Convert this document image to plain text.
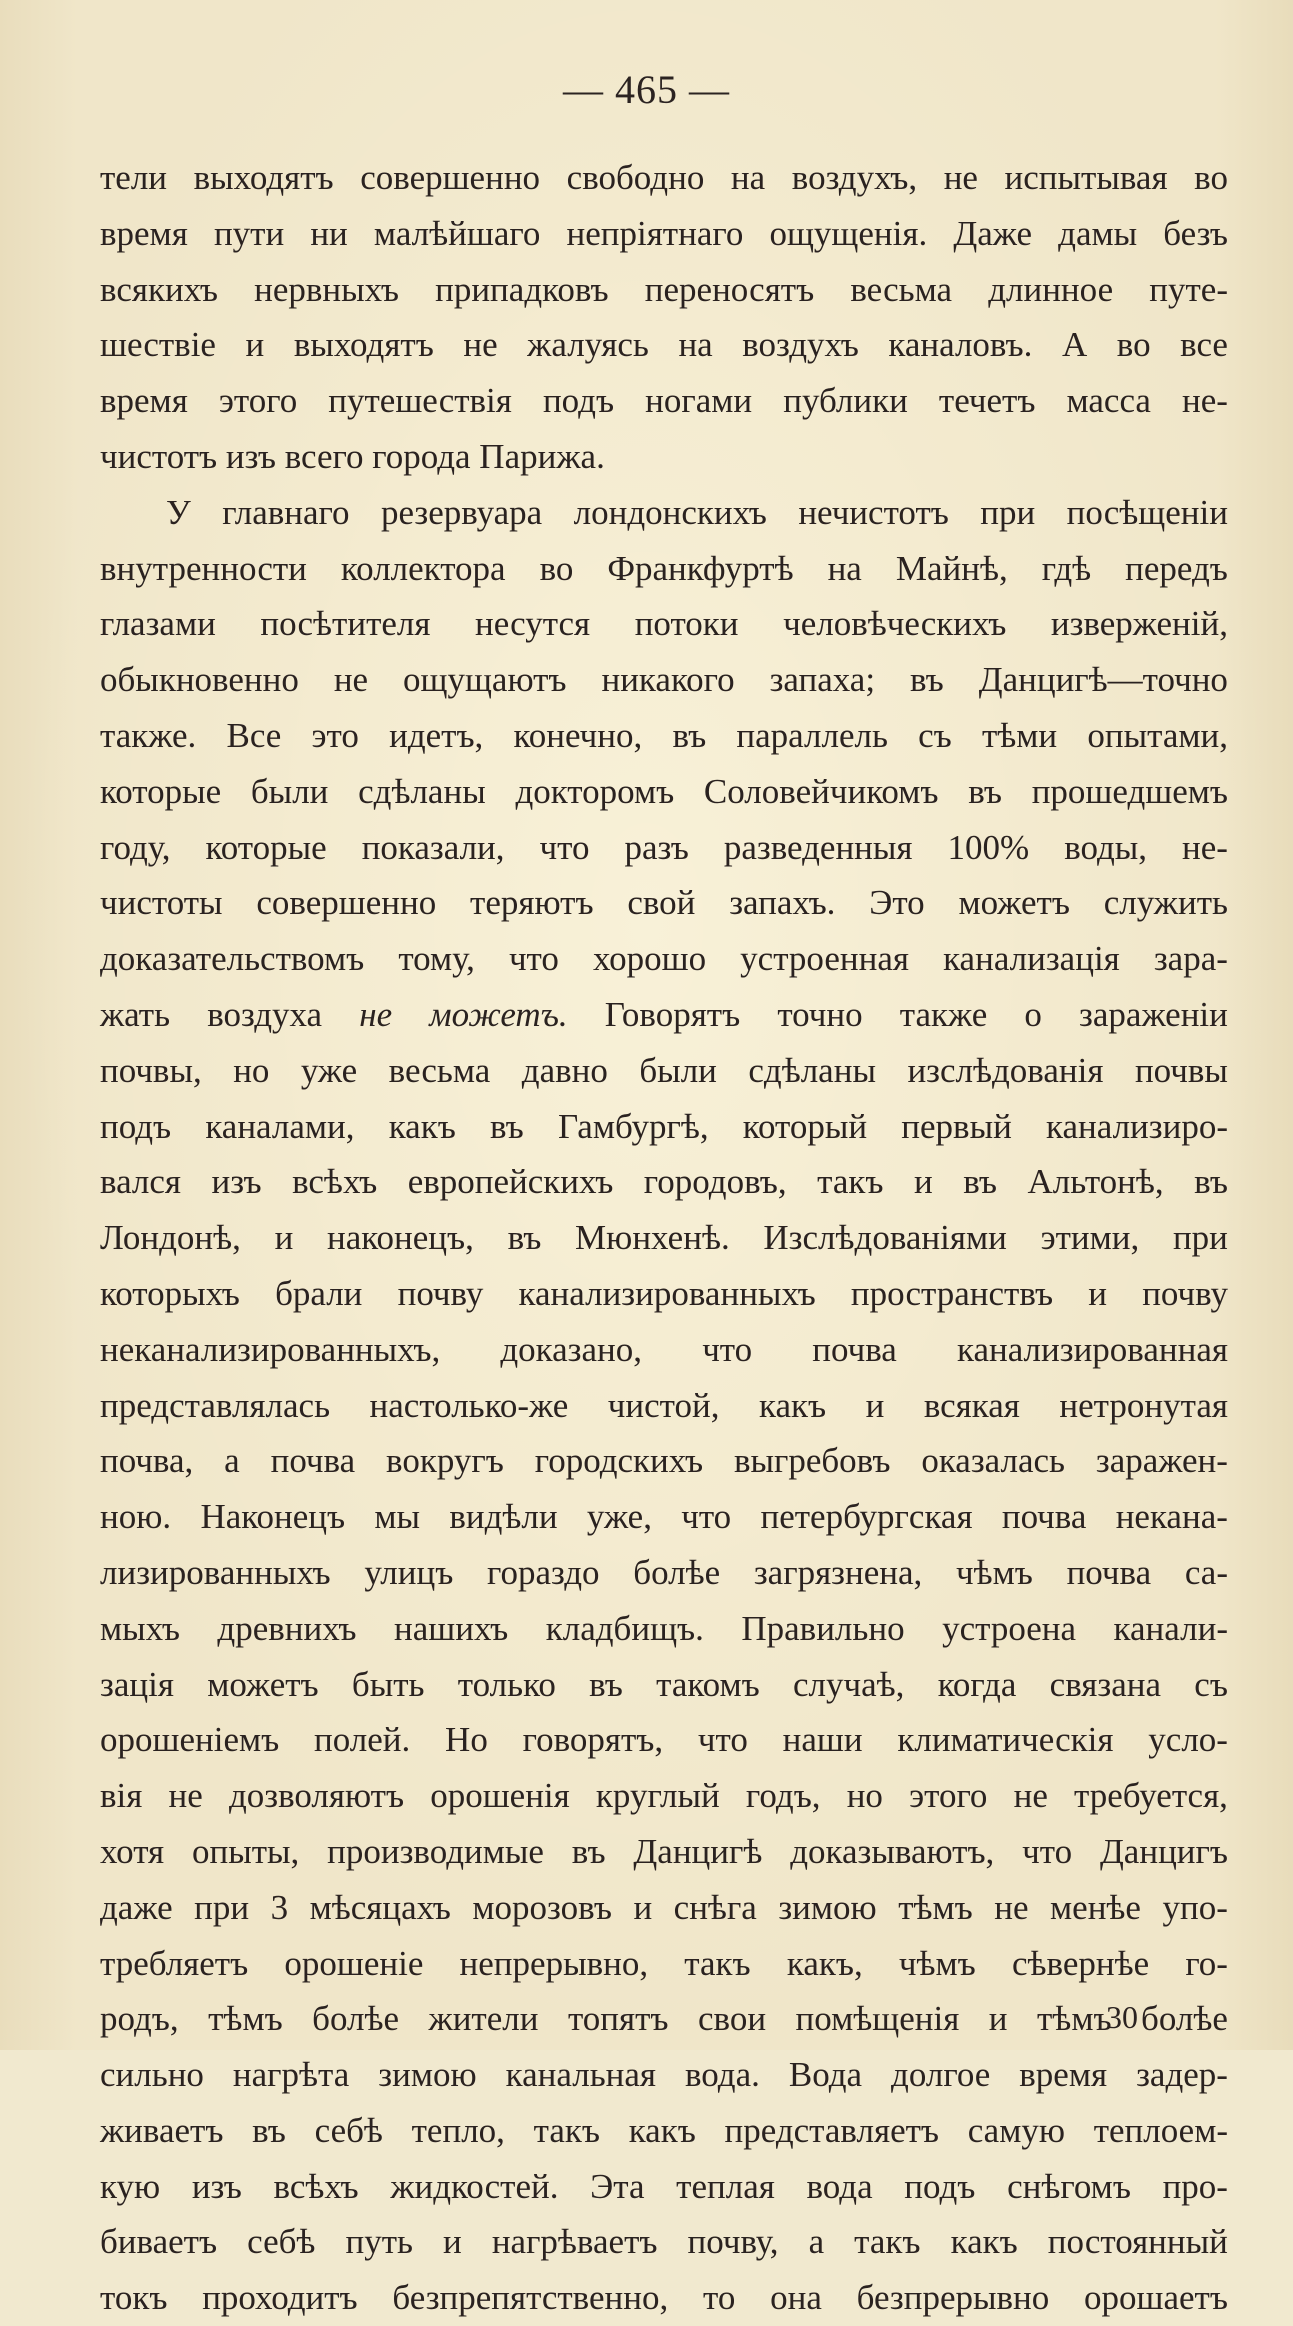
— 465 —
тели выходятъ совершенно свободно на воздухъ, не испытывая во
время пути ни малѣйшаго непріятнаго ощущенія. Даже дамы безъ
всякихъ нервныхъ припадковъ переносятъ весьма длинное путе-
шествіе и выходятъ не жалуясь на воздухъ каналовъ. А во все
время этого путешествія подъ ногами публики течетъ масса не-
чистотъ изъ всего города Парижа.
У главнаго резервуара лондонскихъ нечистотъ при посѣщеніи
внутренности коллектора во Франкфуртѣ на Майнѣ, гдѣ передъ
глазами посѣтителя несутся потоки человѣческихъ изверженій,
обыкновенно не ощущаютъ никакого запаха; въ Данцигѣ—точно
также. Все это идетъ, конечно, въ параллель съ тѣми опытами,
которые были сдѣланы докторомъ Соловейчикомъ въ прошедшемъ
году, которые показали, что разъ разведенныя 100% воды, не-
чистоты совершенно теряютъ свой запахъ. Это можетъ служить
доказательствомъ тому, что хорошо устроенная канализація зара-
жать воздуха не можетъ. Говорятъ точно также о зараженіи
почвы, но уже весьма давно были сдѣланы изслѣдованія почвы
подъ каналами, какъ въ Гамбургѣ, который первый канализиро-
вался изъ всѣхъ европейскихъ городовъ, такъ и въ Альтонѣ, въ
Лондонѣ, и наконецъ, въ Мюнхенѣ. Изслѣдованіями этими, при
которыхъ брали почву канализированныхъ пространствъ и почву
неканализированныхъ, доказано, что почва канализированная
представлялась настолько-же чистой, какъ и всякая нетронутая
почва, а почва вокругъ городскихъ выгребовъ оказалась заражен-
ною. Наконецъ мы видѣли уже, что петербургская почва некана-
лизированныхъ улицъ гораздо болѣе загрязнена, чѣмъ почва са-
мыхъ древнихъ нашихъ кладбищъ. Правильно устроена канали-
зація можетъ быть только въ такомъ случаѣ, когда связана съ
орошеніемъ полей. Но говорятъ, что наши климатическія усло-
вія не дозволяютъ орошенія круглый годъ, но этого не требуется,
хотя опыты, производимые въ Данцигѣ доказываютъ, что Данцигъ
даже при 3 мѣсяцахъ морозовъ и снѣга зимою тѣмъ не менѣе упо-
требляетъ орошеніе непрерывно, такъ какъ, чѣмъ сѣвернѣе го-
родъ, тѣмъ болѣе жители топятъ свои помѣщенія и тѣмъ болѣе
сильно нагрѣта зимою канальная вода. Вода долгое время задер-
живаетъ въ себѣ тепло, такъ какъ представляетъ самую теплоем-
кую изъ всѣхъ жидкостей. Эта теплая вода подъ снѣгомъ про-
биваетъ себѣ путь и нагрѣваетъ почву, а такъ какъ постоянный
токъ проходитъ безпрепятственно, то она безпрерывно орошаетъ
30
